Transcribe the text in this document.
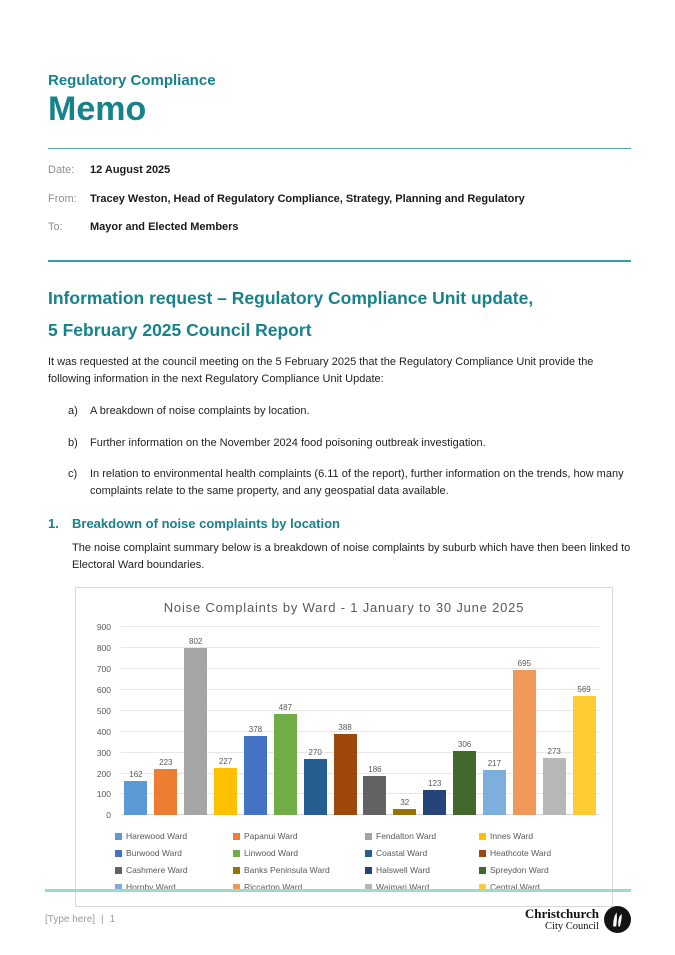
Regulatory Compliance
Memo
Date:	12 August 2025
From:	Tracey Weston, Head of Regulatory Compliance, Strategy, Planning and Regulatory
To:	Mayor and Elected Members
Information request – Regulatory Compliance Unit update,
5 February 2025 Council Report
It was requested at the council meeting on the 5 February 2025 that the Regulatory Compliance Unit provide the following information in the next Regulatory Compliance Unit Update:
a)	A breakdown of noise complaints by location.
b)	Further information on the November 2024 food poisoning outbreak investigation.
c)	In relation to environmental health complaints (6.11 of the report), further information on the trends, how many complaints relate to the same property, and any geospatial data available.
1.	Breakdown of noise complaints by location
The noise complaint summary below is a breakdown of noise complaints by suburb which have then been linked to Electoral Ward boundaries.
Noise Complaints by Ward - 1 January to 30 June 2025
0
100
200
300
400
500
600
700
800
900
162
223
802
227
378
487
270
388
186
32
123
306
217
695
273
569
Harewood Ward	Papanui Ward	Fendalton Ward	Innes Ward
Burwood Ward	Linwood Ward	Coastal Ward	Heathcote Ward
Cashmere Ward	Banks Peninsula Ward	Halswell Ward	Spreydon Ward
Hornby Ward	Riccarton Ward	Waimari Ward	Central Ward
[Type here] | 1	Christchurch
City Council
